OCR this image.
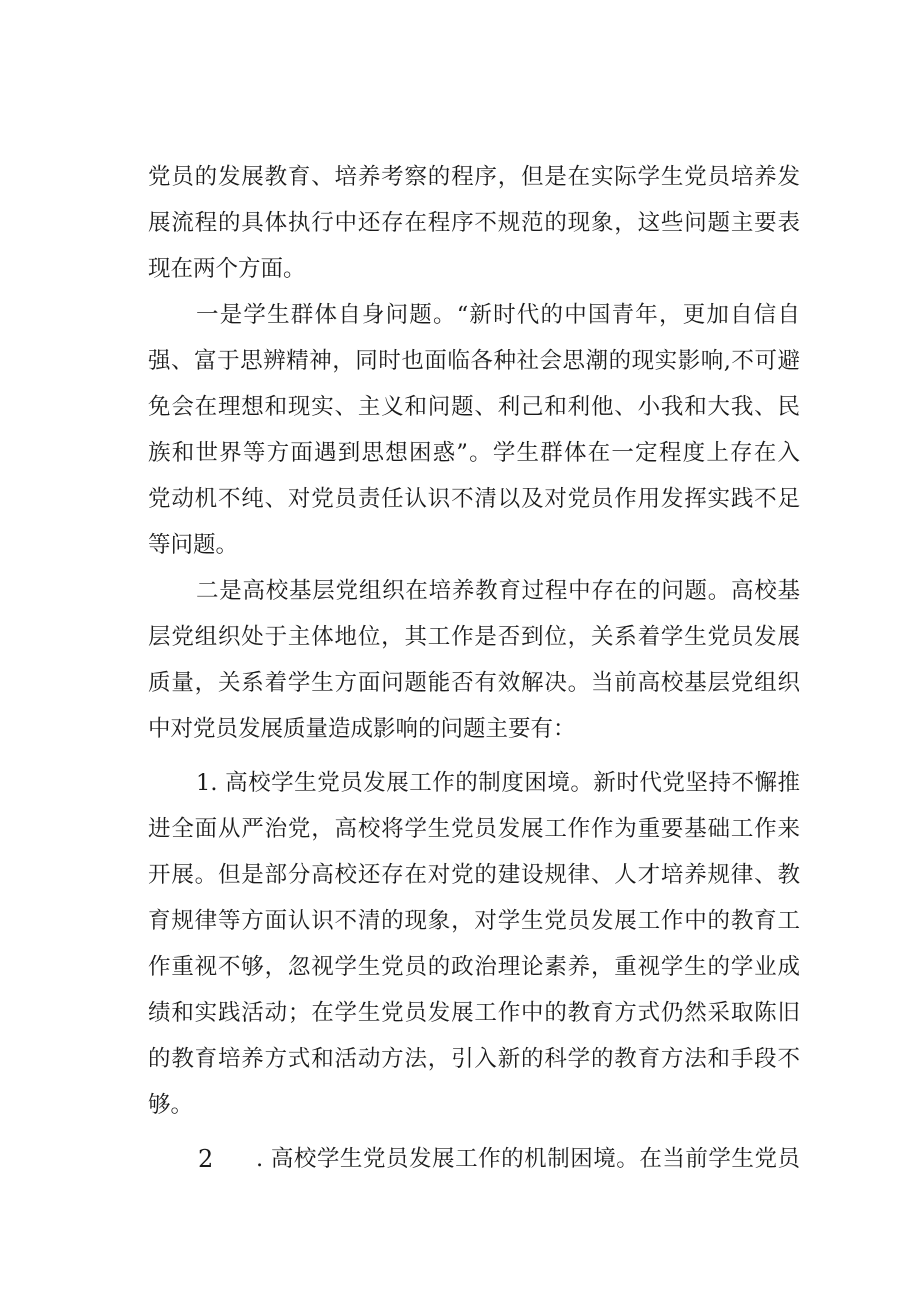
党员的发展教育、培养考察的程序，但是在实际学生党员培养发
展流程的具体执行中还存在程序不规范的现象，这些问题主要表
现在两个方面。
一是学生群体自身问题。“新时代的中国青年，更加自信自
强、富于思辨精神，同时也面临各种社会思潮的现实影响,不可避
免会在理想和现实、主义和问题、利己和利他、小我和大我、民
族和世界等方面遇到思想困惑”。学生群体在一定程度上存在入
党动机不纯、对党员责任认识不清以及对党员作用发挥实践不足
等问题。
二是高校基层党组织在培养教育过程中存在的问题。高校基
层党组织处于主体地位，其工作是否到位，关系着学生党员发展
质量，关系着学生方面问题能否有效解决。当前高校基层党组织
中对党员发展质量造成影响的问题主要有：
1. 高校学生党员发展工作的制度困境。新时代党坚持不懈推
进全面从严治党，高校将学生党员发展工作作为重要基础工作来
开展。但是部分高校还存在对党的建设规律、人才培养规律、教
育规律等方面认识不清的现象，对学生党员发展工作中的教育工
作重视不够，忽视学生党员的政治理论素养，重视学生的学业成
绩和实践活动；在学生党员发展工作中的教育方式仍然采取陈旧
的教育培养方式和活动方法，引入新的科学的教育方法和手段不
够。
2 . 高校学生党员发展工作的机制困境。在当前学生党员
